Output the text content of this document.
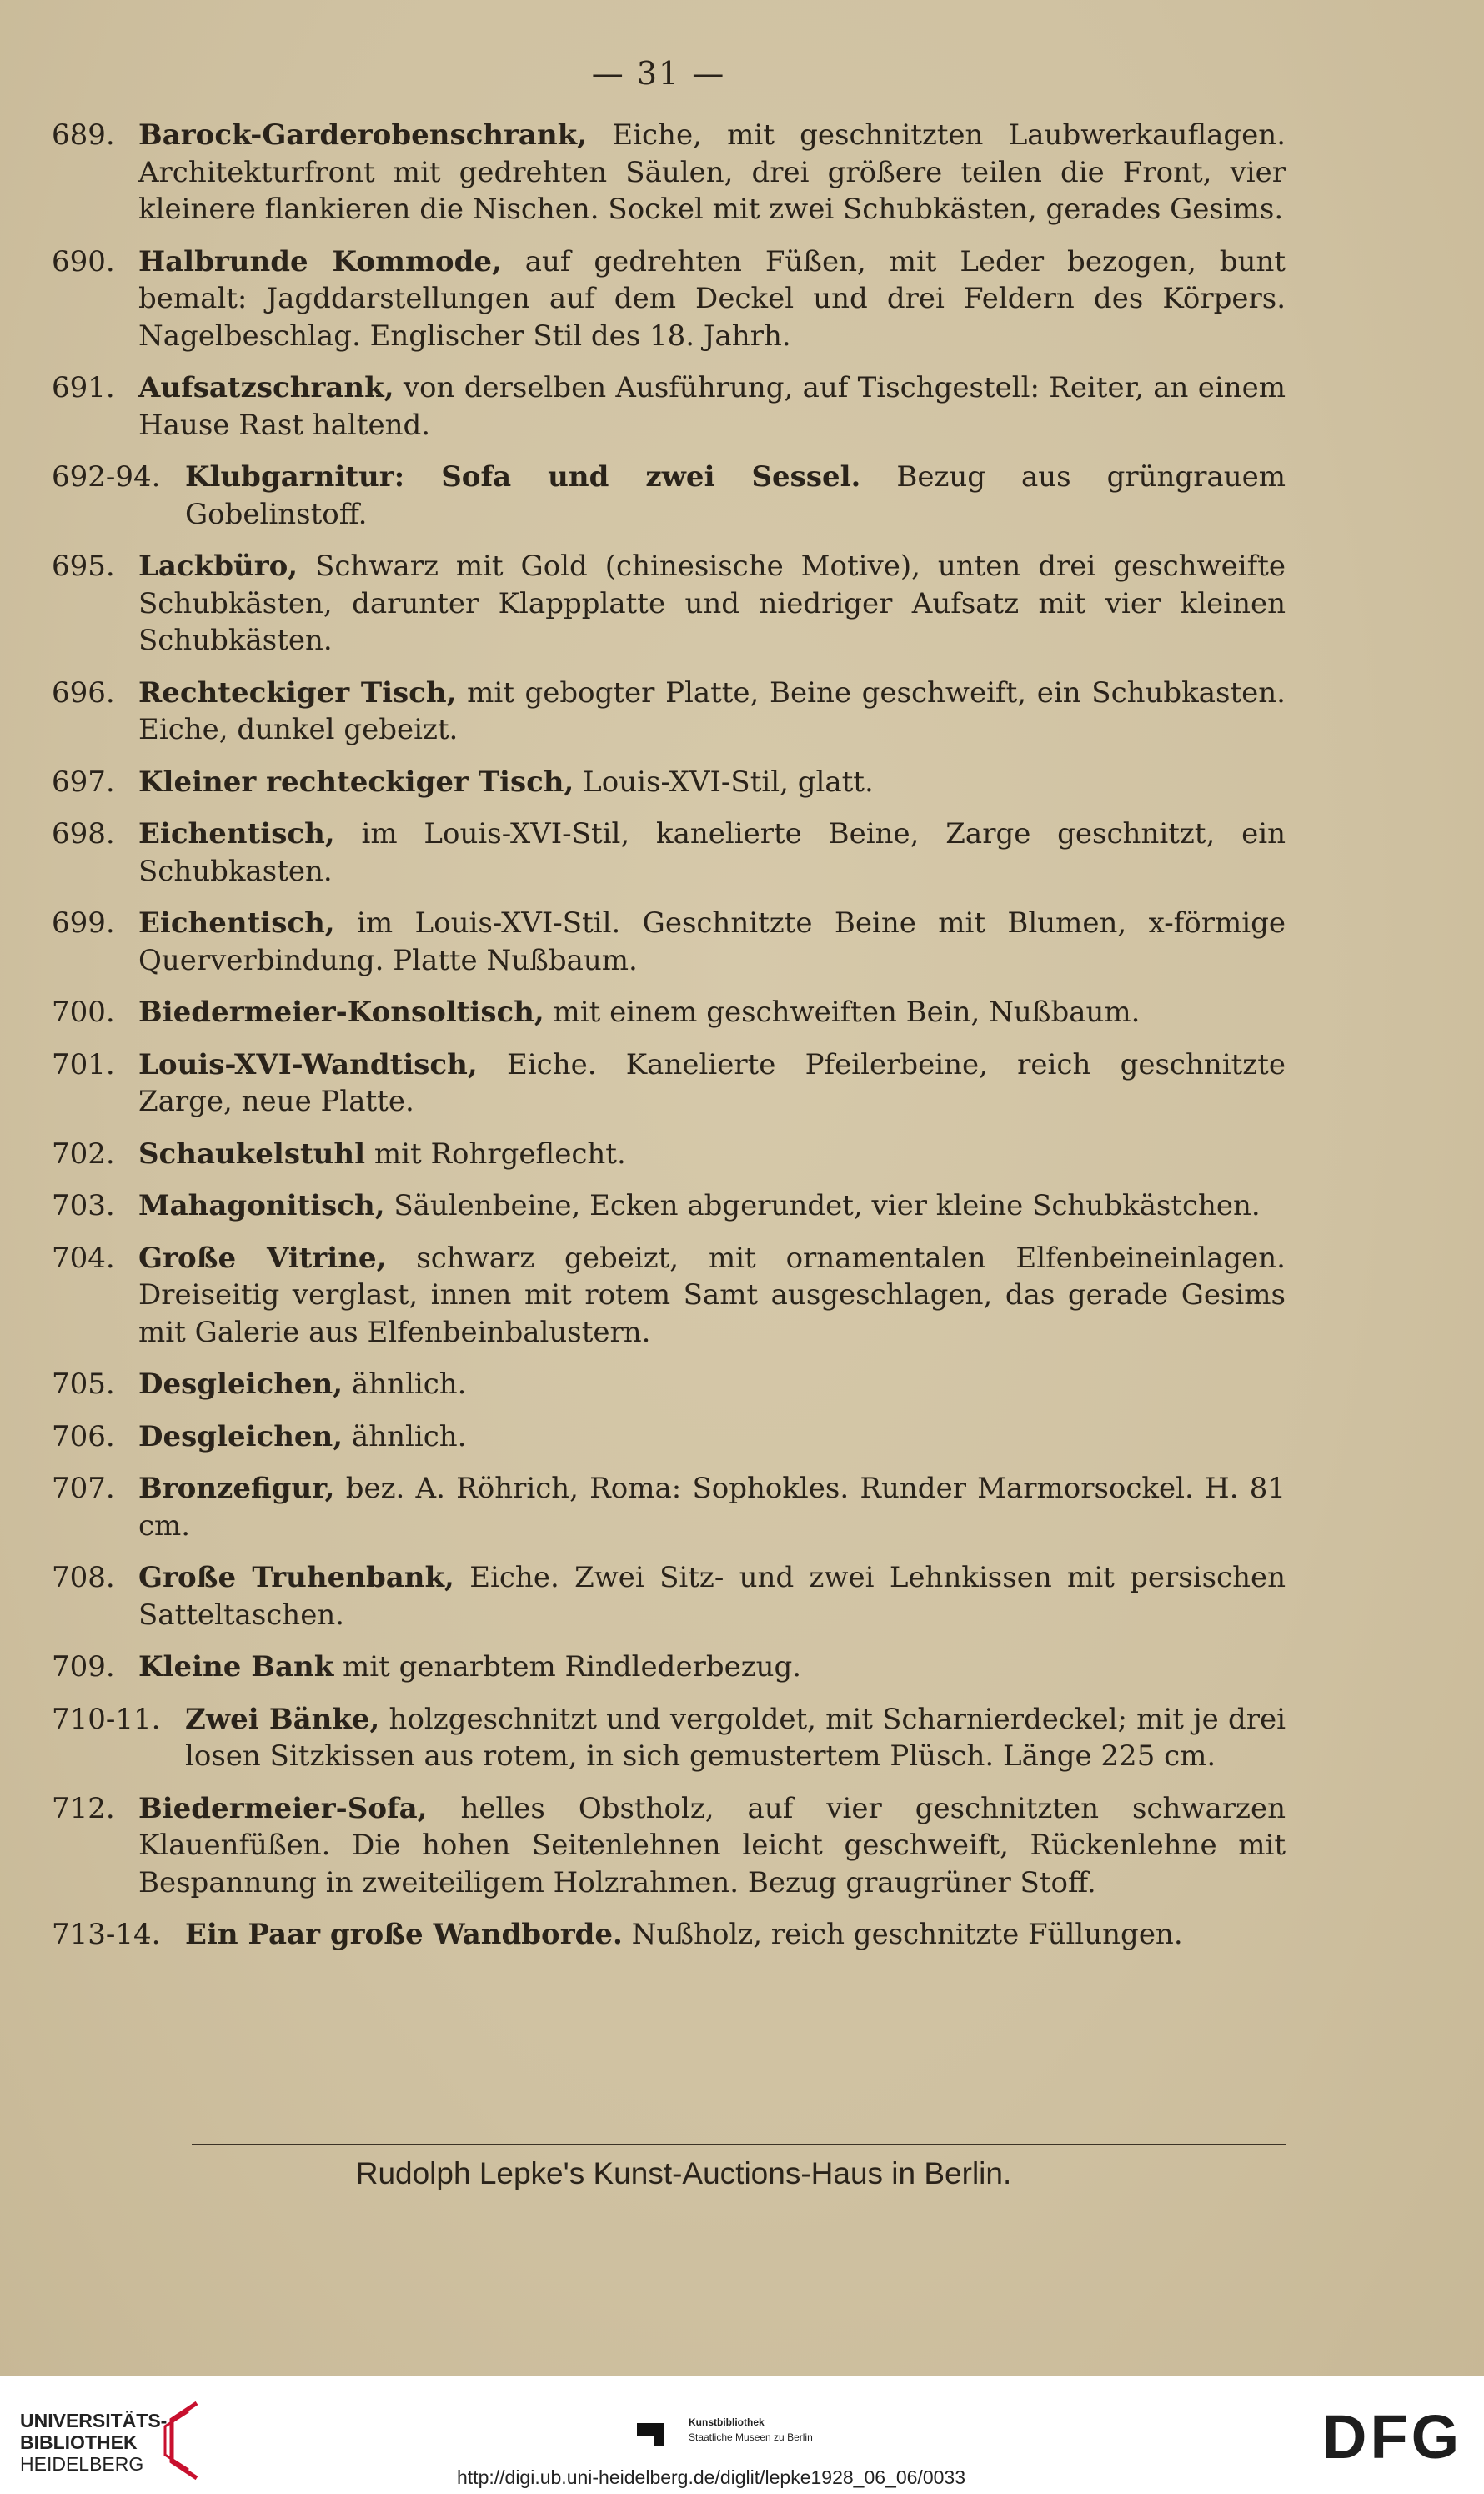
— 31 —
689. Barock-Garderobenschrank, Eiche, mit geschnitzten Laubwerkauflagen. Architekturfront mit gedrehten Säulen, drei größere teilen die Front, vier kleinere flankieren die Nischen. Sockel mit zwei Schubkästen, gerades Gesims.
690. Halbrunde Kommode, auf gedrehten Füßen, mit Leder bezogen, bunt bemalt: Jagddarstellungen auf dem Deckel und drei Feldern des Körpers. Nagelbeschlag. Englischer Stil des 18. Jahrh.
691. Aufsatzschrank, von derselben Ausführung, auf Tischgestell: Reiter, an einem Hause Rast haltend.
692-94. Klubgarnitur: Sofa und zwei Sessel. Bezug aus grüngrauem Gobelinstoff.
695. Lackbüro, Schwarz mit Gold (chinesische Motive), unten drei geschweifte Schubkästen, darunter Klappplatte und niedriger Aufsatz mit vier kleinen Schubkästen.
696. Rechteckiger Tisch, mit gebogter Platte, Beine geschweift, ein Schubkasten. Eiche, dunkel gebeizt.
697. Kleiner rechteckiger Tisch, Louis-XVI-Stil, glatt.
698. Eichentisch, im Louis-XVI-Stil, kanelierte Beine, Zarge geschnitzt, ein Schubkasten.
699. Eichentisch, im Louis-XVI-Stil. Geschnitzte Beine mit Blumen, x-förmige Querverbindung. Platte Nußbaum.
700. Biedermeier-Konsoltisch, mit einem geschweiften Bein, Nußbaum.
701. Louis-XVI-Wandtisch, Eiche. Kanelierte Pfeilerbeine, reich geschnitzte Zarge, neue Platte.
702. Schaukelstuhl mit Rohrgeflecht.
703. Mahagonitisch, Säulenbeine, Ecken abgerundet, vier kleine Schubkästchen.
704. Große Vitrine, schwarz gebeizt, mit ornamentalen Elfenbeineinlagen. Dreiseitig verglast, innen mit rotem Samt ausgeschlagen, das gerade Gesims mit Galerie aus Elfenbeinbalustern.
705. Desgleichen, ähnlich.
706. Desgleichen, ähnlich.
707. Bronzefigur, bez. A. Röhrich, Roma: Sophokles. Runder Marmorsockel. H. 81 cm.
708. Große Truhenbank, Eiche. Zwei Sitz- und zwei Lehnkissen mit persischen Satteltaschen.
709. Kleine Bank mit genarbtem Rindlederbezug.
710-11. Zwei Bänke, holzgeschnitzt und vergoldet, mit Scharnierdeckel; mit je drei losen Sitzkissen aus rotem, in sich gemustertem Plüsch. Länge 225 cm.
712. Biedermeier-Sofa, helles Obstholz, auf vier geschnitzten schwarzen Klauenfüßen. Die hohen Seitenlehnen leicht geschweift, Rückenlehne mit Bespannung in zweiteiligem Holzrahmen. Bezug graugrüner Stoff.
713-14. Ein Paar große Wandborde. Nußholz, reich geschnitzte Füllungen.
Rudolph Lepke's Kunst-Auctions-Haus in Berlin.
UNIVERSITÄTS-
BIBLIOTHEK
HEIDELBERG
Kunstbibliothek
Staatliche Museen zu Berlin	DFG
http://digi.ub.uni-heidelberg.de/diglit/lepke1928_06_06/0033
